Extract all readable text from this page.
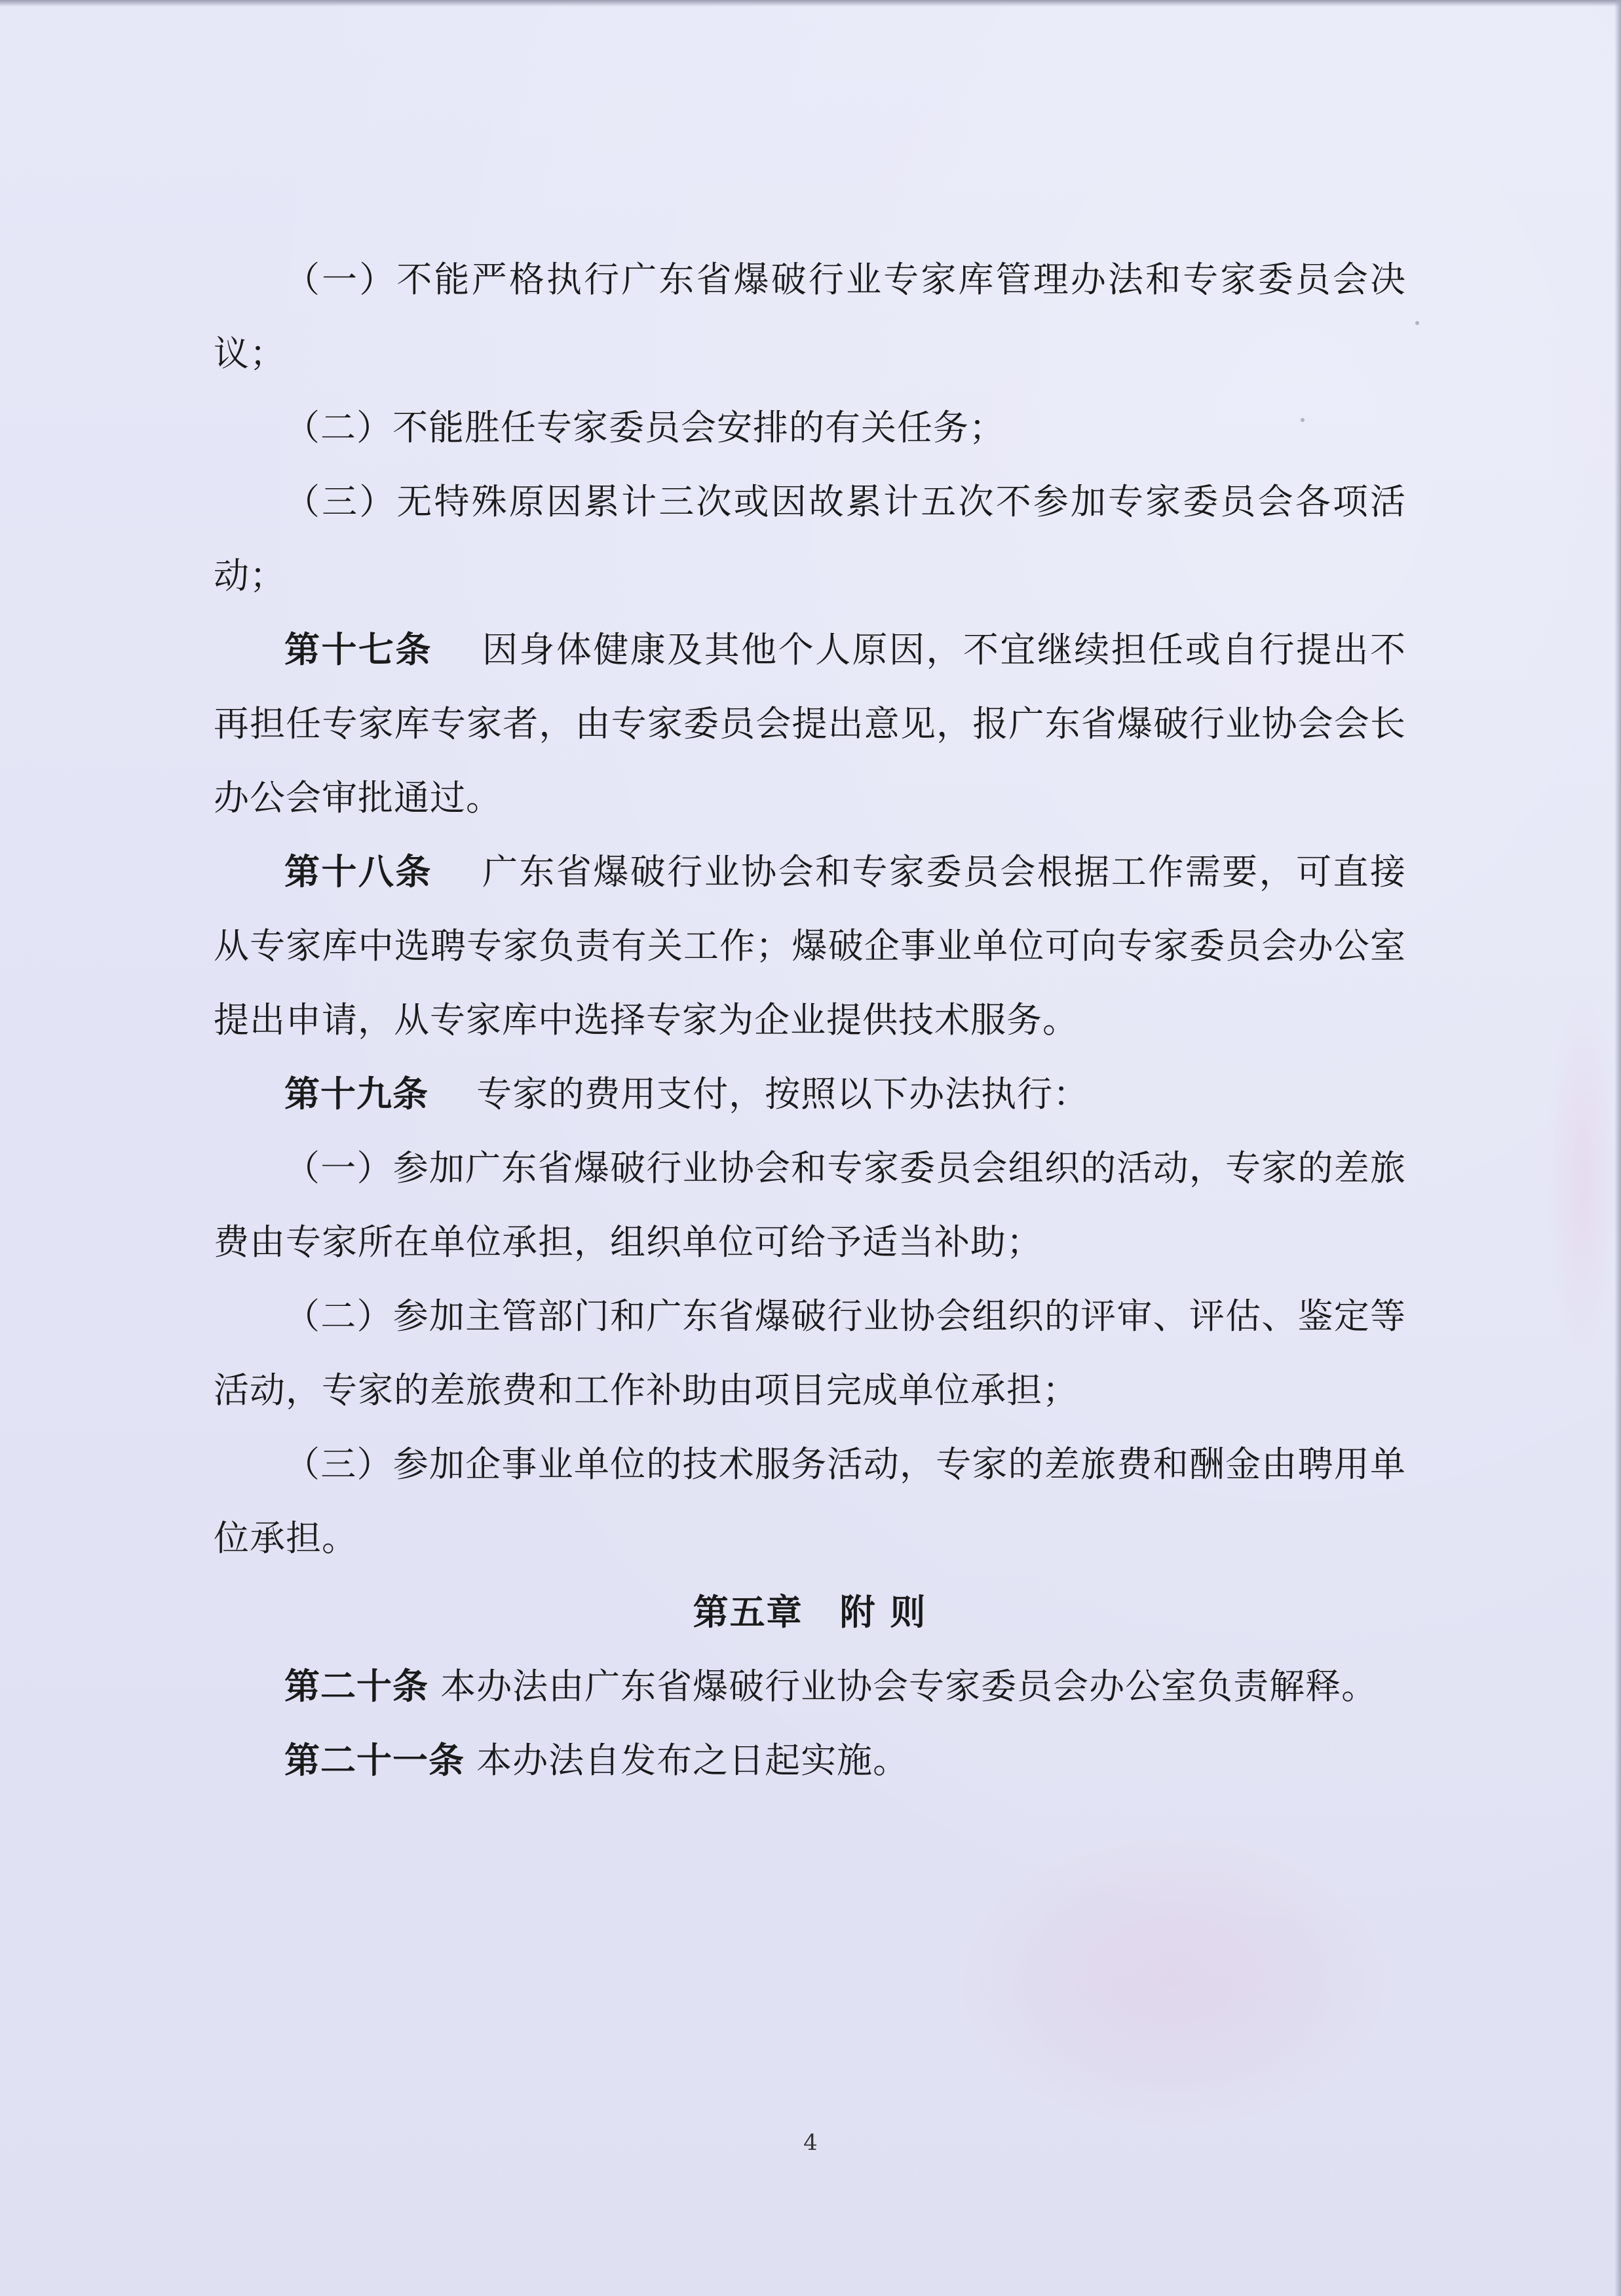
（一）不能严格执行广东省爆破行业专家库管理办法和专家委员会决议；

（二）不能胜任专家委员会安排的有关任务；

（三）无特殊原因累计三次或因故累计五次不参加专家委员会各项活动；

第十七条　 因身体健康及其他个人原因，不宜继续担任或自行提出不再担任专家库专家者，由专家委员会提出意见，报广东省爆破行业协会会长办公会审批通过。

第十八条　 广东省爆破行业协会和专家委员会根据工作需要，可直接从专家库中选聘专家负责有关工作；爆破企事业单位可向专家委员会办公室提出申请，从专家库中选择专家为企业提供技术服务。

第十九条　 专家的费用支付，按照以下办法执行：

（一）参加广东省爆破行业协会和专家委员会组织的活动，专家的差旅费由专家所在单位承担，组织单位可给予适当补助；

（二）参加主管部门和广东省爆破行业协会组织的评审、评估、鉴定等活动，专家的差旅费和工作补助由项目完成单位承担；

（三）参加企事业单位的技术服务活动，专家的差旅费和酬金由聘用单位承担。

第五章　附 则

第二十条 本办法由广东省爆破行业协会专家委员会办公室负责解释。

第二十一条 本办法自发布之日起实施。

4
